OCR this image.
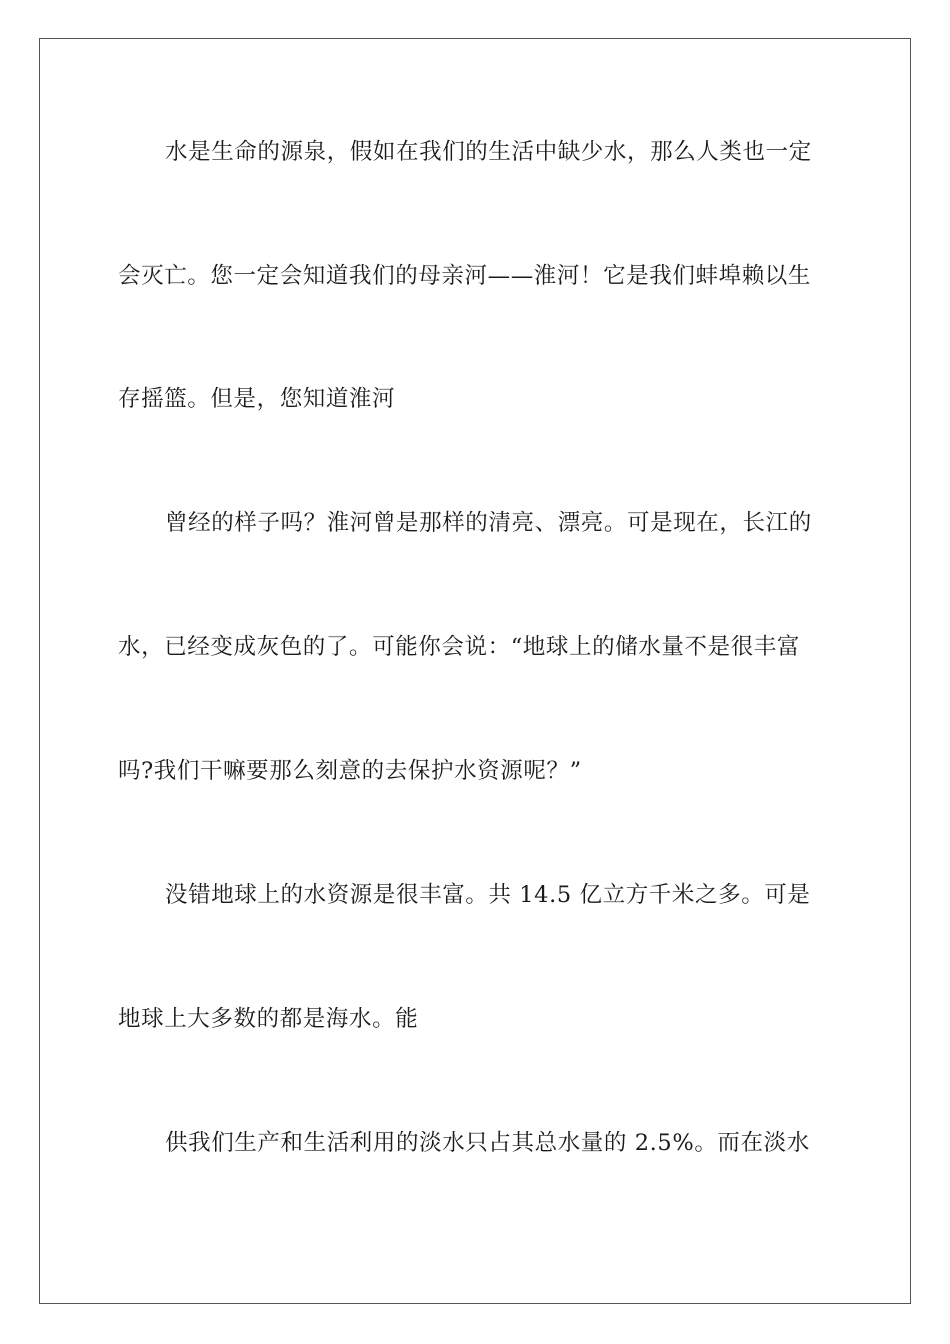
水是生命的源泉，假如在我们的生活中缺少水，那么人类也一定
会灭亡。您一定会知道我们的母亲河——淮河！它是我们蚌埠赖以生
存摇篮。但是，您知道淮河
曾经的样子吗？淮河曾是那样的清亮、漂亮。可是现在，长江的
水，已经变成灰色的了。可能你会说：“地球上的储水量不是很丰富
吗?我们干嘛要那么刻意的去保护水资源呢？”
没错地球上的水资源是很丰富。共 14.5 亿立方千米之多。可是
地球上大多数的都是海水。能
供我们生产和生活利用的淡水只占其总水量的 2.5%。而在淡水
